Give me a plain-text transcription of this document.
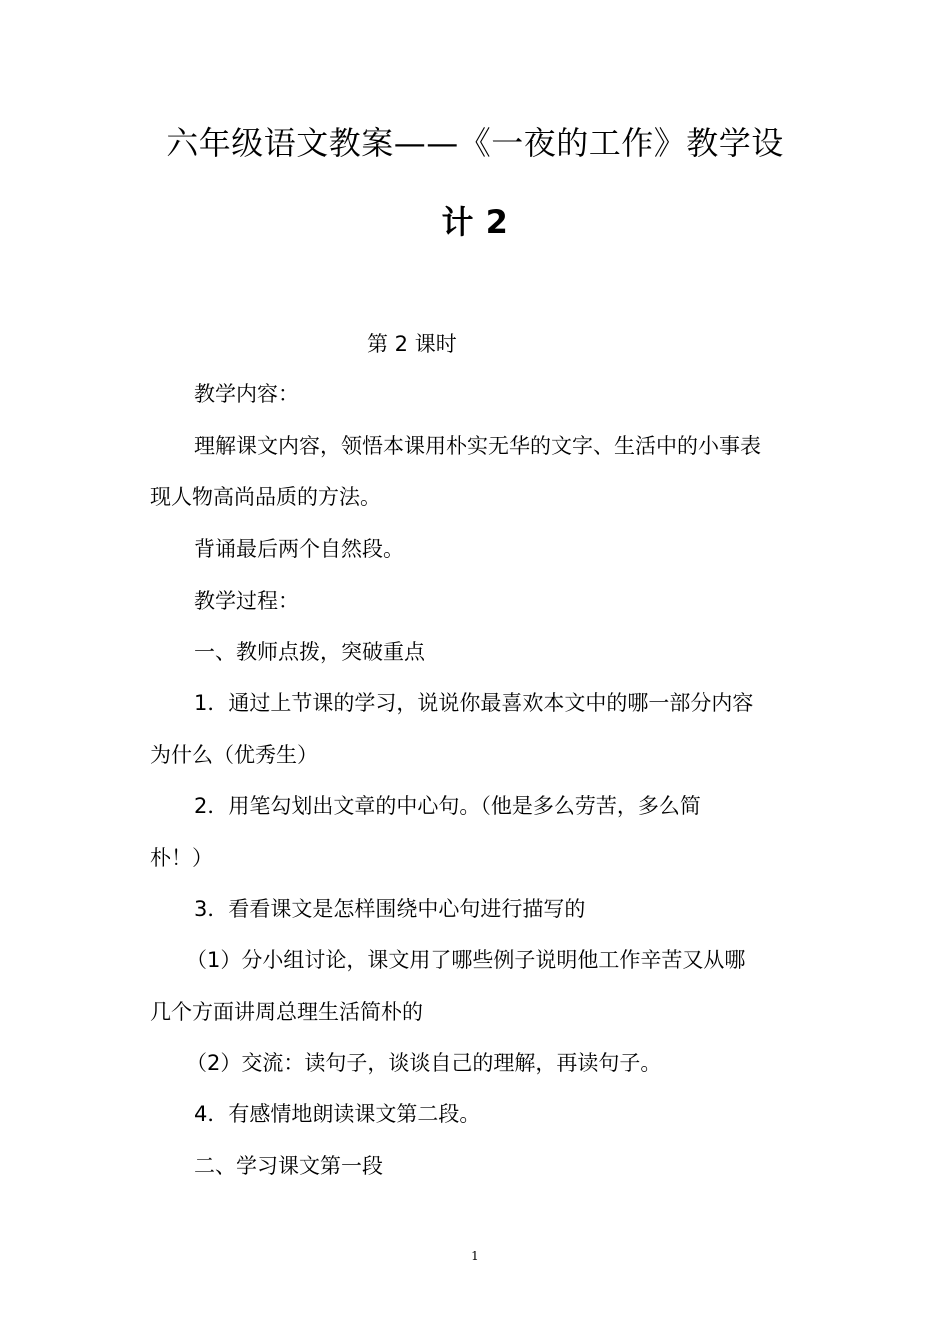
六年级语文教案——《一夜的工作》教学设
计 2
第 2 课时
教学内容：
理解课文内容，领悟本课用朴实无华的文字、生活中的小事表
现人物高尚品质的方法。
背诵最后两个自然段。
教学过程：
一、教师点拨，突破重点
1．通过上节课的学习，说说你最喜欢本文中的哪一部分内容
为什么（优秀生）
2．用笔勾划出文章的中心句。（他是多么劳苦，多么简
朴！）
3．看看课文是怎样围绕中心句进行描写的
（1）分小组讨论，课文用了哪些例子说明他工作辛苦又从哪
几个方面讲周总理生活简朴的
（2）交流：读句子，谈谈自己的理解，再读句子。
4．有感情地朗读课文第二段。
二、学习课文第一段
1
